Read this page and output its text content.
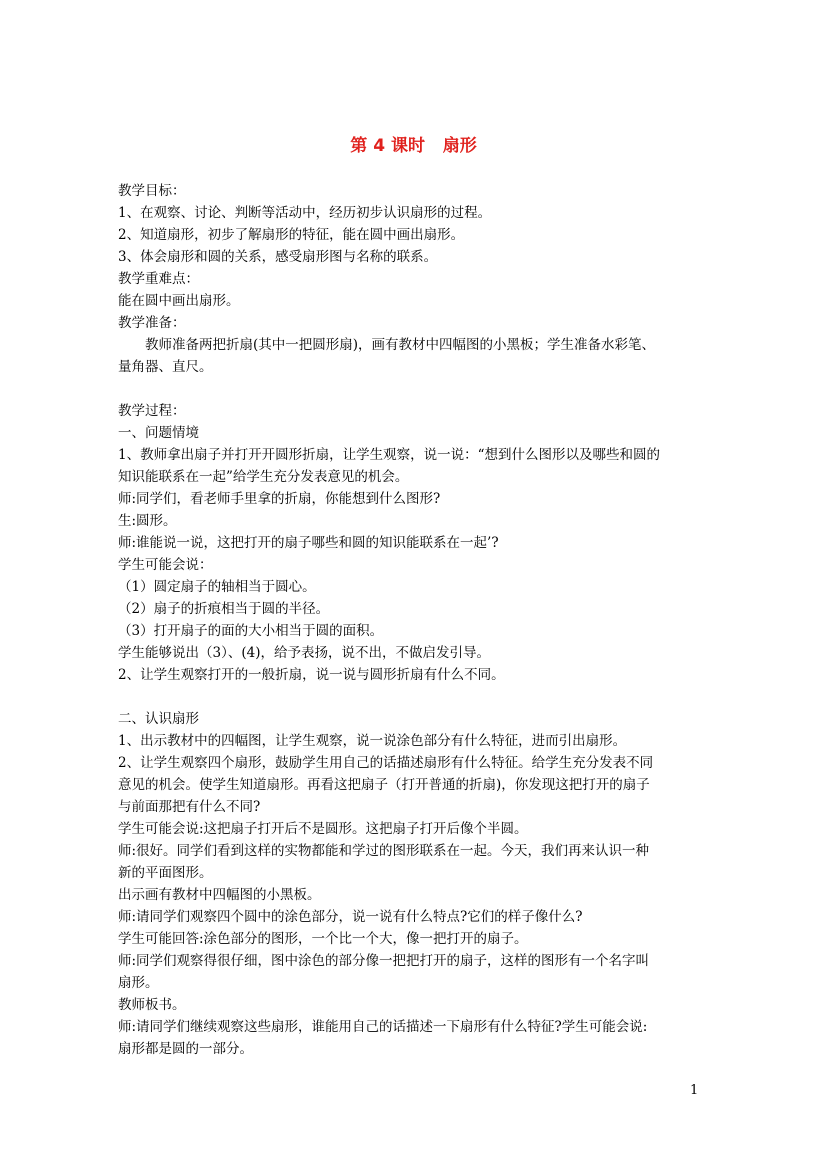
第 4 课时   扇形
教学目标：
1、在观察、讨论、判断等活动中，经历初步认识扇形的过程。
2、知道扇形，初步了解扇形的特征，能在圆中画出扇形。
3、体会扇形和圆的关系，感受扇形图与名称的联系。
教学重难点：
能在圆中画出扇形。
教学准备：
教师准备两把折扇(其中一把圆形扇)，画有教材中四幅图的小黑板；学生准备水彩笔、
量角器、直尺。
教学过程：
一、问题情境
1、教师拿出扇子并打开开圆形折扇，让学生观察，说一说：“想到什么图形以及哪些和圆的
知识能联系在一起”给学生充分发表意见的机会。
师:同学们，看老师手里拿的折扇，你能想到什么图形?
生:圆形。
师:谁能说一说，这把打开的扇子哪些和圆的知识能联系在一起’?
学生可能会说：
（1）圆定扇子的轴相当于圆心。
（2）扇子的折痕相当于圆的半径。
（3）打开扇子的面的大小相当于圆的面积。
学生能够说出（3）、(4)，给予表扬，说不出，不做启发引导。
2、让学生观察打开的一般折扇，说一说与圆形折扇有什么不同。
二、认识扇形
1、出示教材中的四幅图，让学生观察，说一说涂色部分有什么特征，进而引出扇形。
2、让学生观察四个扇形，鼓励学生用自己的话描述扇形有什么特征。给学生充分发表不同
意见的机会。使学生知道扇形。再看这把扇子（打开普通的折扇)，你发现这把打开的扇子
与前面那把有什么不同?
学生可能会说:这把扇子打开后不是圆形。这把扇子打开后像个半圆。
师:很好。同学们看到这样的实物都能和学过的图形联系在一起。今天，我们再来认识一种
新的平面图形。
出示画有教材中四幅图的小黑板。
师:请同学们观察四个圆中的涂色部分，说一说有什么特点?它们的样子像什么?
学生可能回答:涂色部分的图形，一个比一个大，像一把打开的扇子。
师:同学们观察得很仔细，图中涂色的部分像一把把打开的扇子，这样的图形有一个名字叫
扇形。
教师板书。
师:请同学们继续观察这些扇形，谁能用自己的话描述一下扇形有什么特征?学生可能会说:
扇形都是圆的一部分。
1
